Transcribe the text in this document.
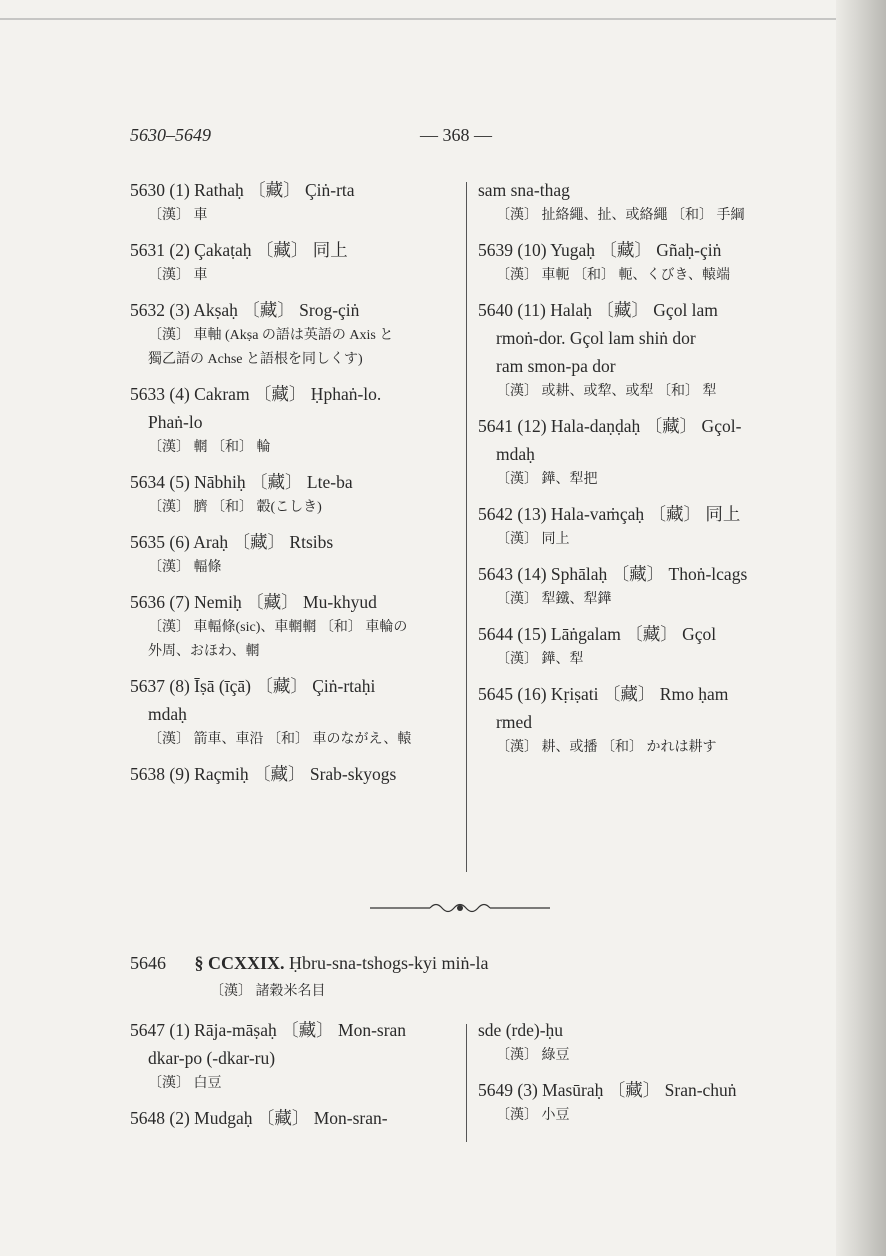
5630–5649	— 368 —
5630 (1) Rathaḥ 〔藏〕 Çiṅ-rta
〔漢〕 車
5631 (2) Çakaṭaḥ 〔藏〕 同上
〔漢〕 車
5632 (3) Akṣaḥ 〔藏〕 Srog-çiṅ
〔漢〕 車軸 (Akṣa の語は英語の Axis と
獨乙語の Achse と語根を同しくす)
5633 (4) Cakram 〔藏〕 Ḥphaṅ-lo.
Phaṅ-lo
〔漢〕 輞 〔和〕 輪
5634 (5) Nābhiḥ 〔藏〕 Lte-ba
〔漢〕 臍 〔和〕 轂(こしき)
5635 (6) Araḥ 〔藏〕 Rtsibs
〔漢〕 輻條
5636 (7) Nemiḥ 〔藏〕 Mu-khyud
〔漢〕 車輻條(sic)、車輞輞 〔和〕 車輪の
外周、おほわ、輞
5637 (8) Īṣā (īçā) 〔藏〕 Çiṅ-rtaḥi
mdaḥ
〔漢〕 箭車、車沿 〔和〕 車のながえ、轅
5638 (9) Raçmiḥ 〔藏〕 Srab-skyogs
sam sna-thag
〔漢〕 扯絡繩、扯、或絡繩 〔和〕 手綱
5639 (10) Yugaḥ 〔藏〕 Gñaḥ-çiṅ
〔漢〕 車軛 〔和〕 軛、くびき、轅端
5640 (11) Halaḥ 〔藏〕 Gçol lam
rmoṅ-dor. Gçol lam shiṅ dor
ram smon-pa dor
〔漢〕 或耕、或犂、或犁 〔和〕 犁
5641 (12) Hala-daṇḍaḥ 〔藏〕 Gçol-
mdaḥ
〔漢〕 鏵、犁把
5642 (13) Hala-vaṁçaḥ 〔藏〕 同上
〔漢〕 同上
5643 (14) Sphālaḥ 〔藏〕 Thoṅ-lcags
〔漢〕 犁鐵、犁鏵
5644 (15) Lāṅgalam 〔藏〕 Gçol
〔漢〕 鏵、犁
5645 (16) Kṛiṣati 〔藏〕 Rmo ḥam
rmed
〔漢〕 耕、或播 〔和〕 かれは耕す
5646 § CCXXIX. Ḥbru-sna-tshogs-kyi miṅ-la
〔漢〕 諸穀米名目
5647 (1) Rāja-māṣaḥ 〔藏〕 Mon-sran
dkar-po (-dkar-ru)
〔漢〕 白豆
5648 (2) Mudgaḥ 〔藏〕 Mon-sran-
sde (rde)-ḥu
〔漢〕 綠豆
5649 (3) Masūraḥ 〔藏〕 Sran-chuṅ
〔漢〕 小豆
